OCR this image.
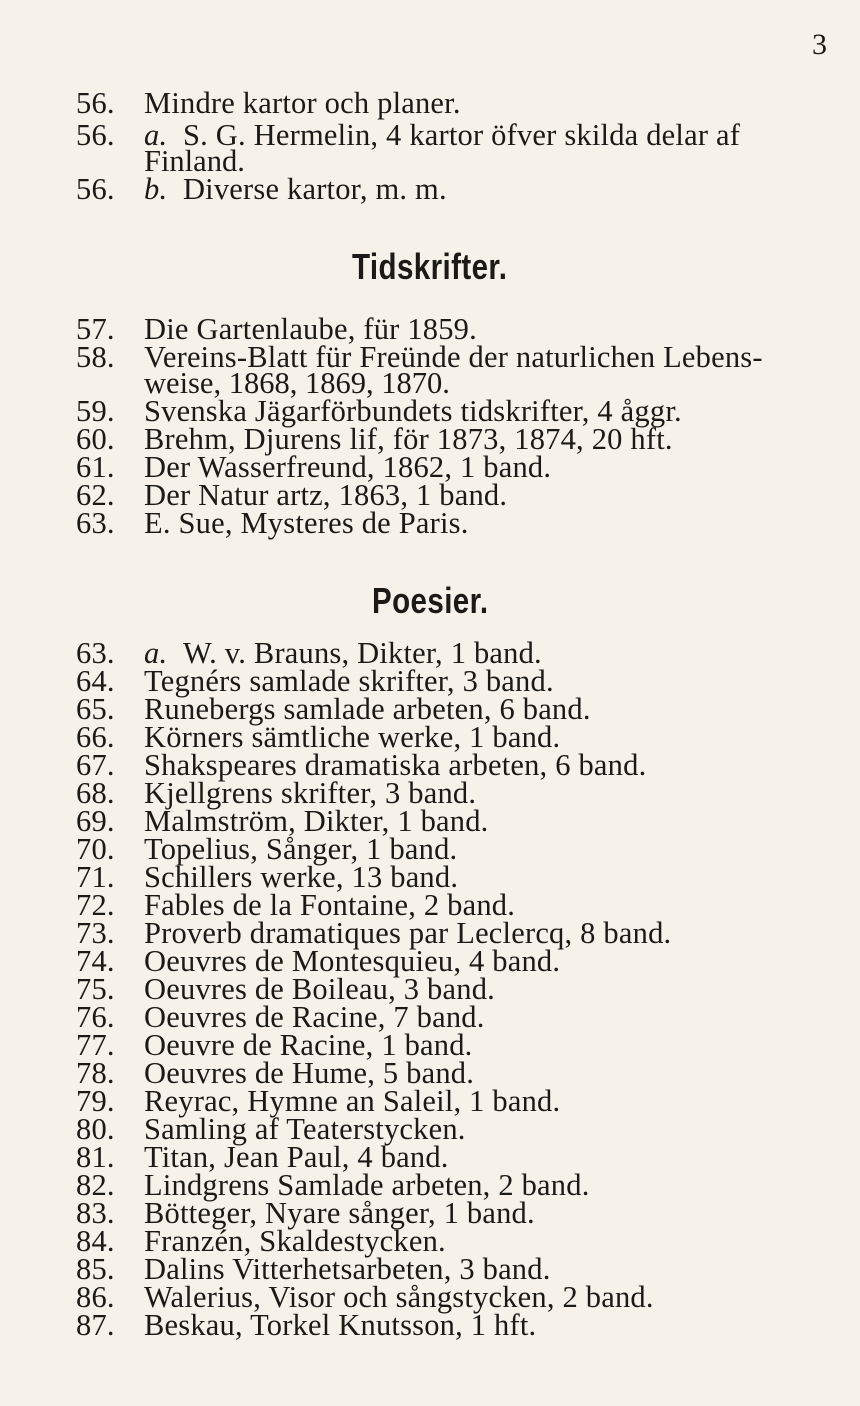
3
56. Mindre kartor och planer.
56. a. S. G. Hermelin, 4 kartor öfver skilda delar af
Finland.
56. b. Diverse kartor, m. m.
Tidskrifter.
57. Die Gartenlaube, für 1859.
58. Vereins-Blatt für Freünde der naturlichen Lebens-
weise, 1868, 1869, 1870.
59. Svenska Jägarförbundets tidskrifter, 4 åggr.
60. Brehm, Djurens lif, för 1873, 1874, 20 hft.
61. Der Wasserfreund, 1862, 1 band.
62. Der Natur artz, 1863, 1 band.
63. E. Sue, Mysteres de Paris.
Poesier.
63. a. W. v. Brauns, Dikter, 1 band.
64. Tegnérs samlade skrifter, 3 band.
65. Runebergs samlade arbeten, 6 band.
66. Körners sämtliche werke, 1 band.
67. Shakspeares dramatiska arbeten, 6 band.
68. Kjellgrens skrifter, 3 band.
69. Malmström, Dikter, 1 band.
70. Topelius, Sånger, 1 band.
71. Schillers werke, 13 band.
72. Fables de la Fontaine, 2 band.
73. Proverb dramatiques par Leclercq, 8 band.
74. Oeuvres de Montesquieu, 4 band.
75. Oeuvres de Boileau, 3 band.
76. Oeuvres de Racine, 7 band.
77. Oeuvre de Racine, 1 band.
78. Oeuvres de Hume, 5 band.
79. Reyrac, Hymne an Saleil, 1 band.
80. Samling af Teaterstycken.
81. Titan, Jean Paul, 4 band.
82. Lindgrens Samlade arbeten, 2 band.
83. Bötteger, Nyare sånger, 1 band.
84. Franzén, Skaldestycken.
85. Dalins Vitterhetsarbeten, 3 band.
86. Walerius, Visor och sångstycken, 2 band.
87. Beskau, Torkel Knutsson, 1 hft.
